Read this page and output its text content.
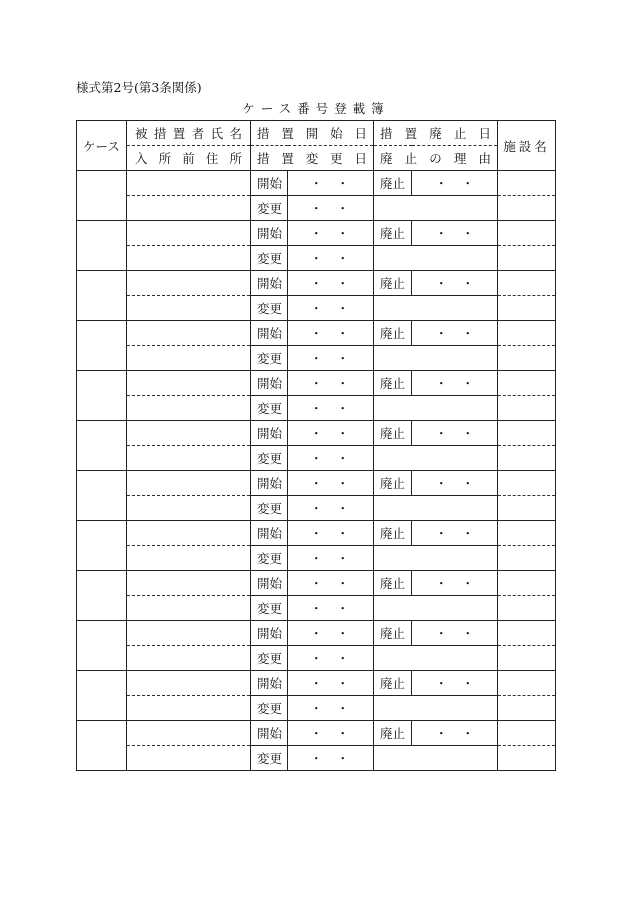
様式第2号(第3条関係)
ケース番号登載簿
ケース	被措置者氏名	措置開始日		措置廃止日		施設名
	入所前住所	措置変更日		廃止の理由		
		開始	・・	廃止	・・	
		変更	・・			
		開始	・・	廃止	・・	
		変更	・・			
		開始	・・	廃止	・・	
		変更	・・			
		開始	・・	廃止	・・	
		変更	・・			
		開始	・・	廃止	・・	
		変更	・・			
		開始	・・	廃止	・・	
		変更	・・			
		開始	・・	廃止	・・	
		変更	・・			
		開始	・・	廃止	・・	
		変更	・・			
		開始	・・	廃止	・・	
		変更	・・			
		開始	・・	廃止	・・	
		変更	・・			
		開始	・・	廃止	・・	
		変更	・・			
		開始	・・	廃止	・・	
		変更	・・			
